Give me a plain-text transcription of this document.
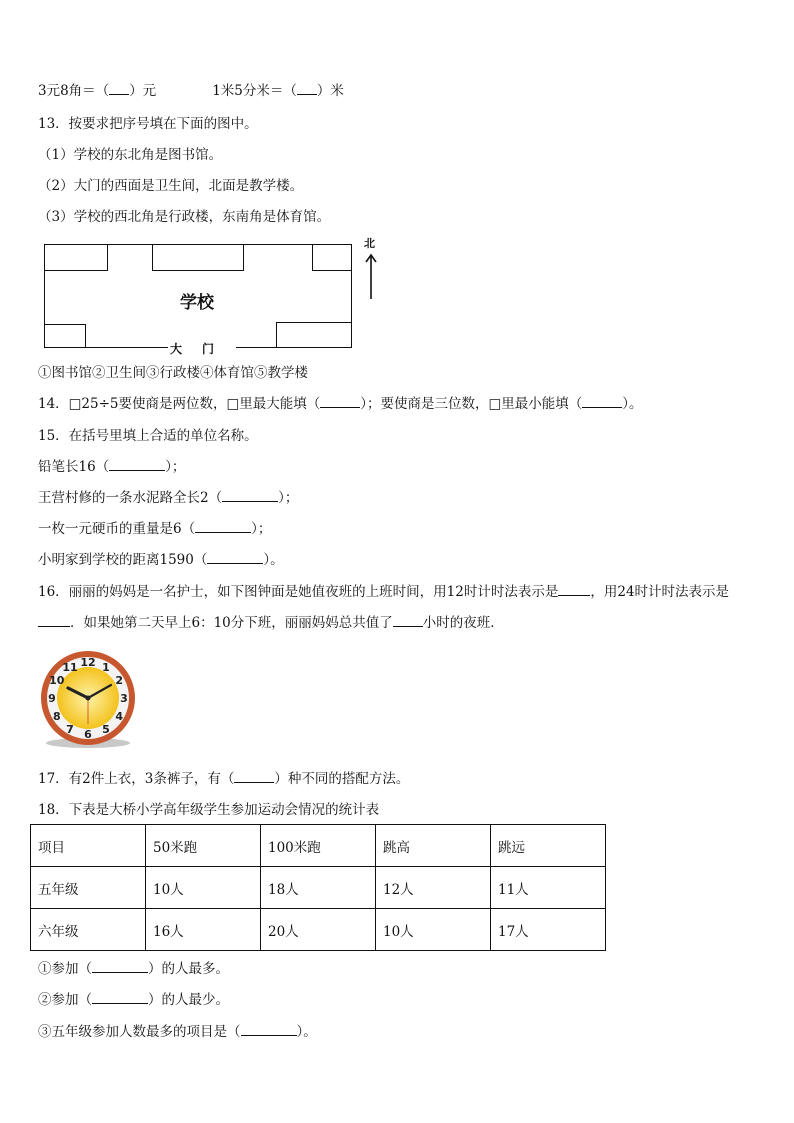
3元8角＝（ ）元	1米5分米＝（ ）米
13．按要求把序号填在下面的图中。
（1）学校的东北角是图书馆。
（2）大门的西面是卫生间，北面是教学楼。
（3）学校的西北角是行政楼，东南角是体育馆。
学校
大门
北
①图书馆②卫生间③行政楼④体育馆⑤教学楼
14．□25÷5要使商是两位数，□里最大能填（	）；要使商是三位数，□里最小能填（	）。
15．在括号里填上合适的单位名称。
铅笔长16（	）；
王营村修的一条水泥路全长2（	）；
一枚一元硬币的重量是6（	）；
小明家到学校的距离1590（	）。
16．丽丽的妈妈是一名护士，如下图钟面是她值夜班的上班时间，用12时计时法表示是 ，用24时计时法表示是
．如果她第二天早上6：10分下班，丽丽妈妈总共值了 小时的夜班．
12 1
2
3
4
5
6
7
8
9
10
11
17．有2件上衣，3条裤子，有（	）种不同的搭配方法。
18．下表是大桥小学高年级学生参加运动会情况的统计表
项目	50米跑	100米跑	跳高	跳远
五年级	10人	18人	12人	11人
六年级	16人	20人	10人	17人
①参加（	）的人最多。
②参加（	）的人最少。
③五年级参加人数最多的项目是（	）。
